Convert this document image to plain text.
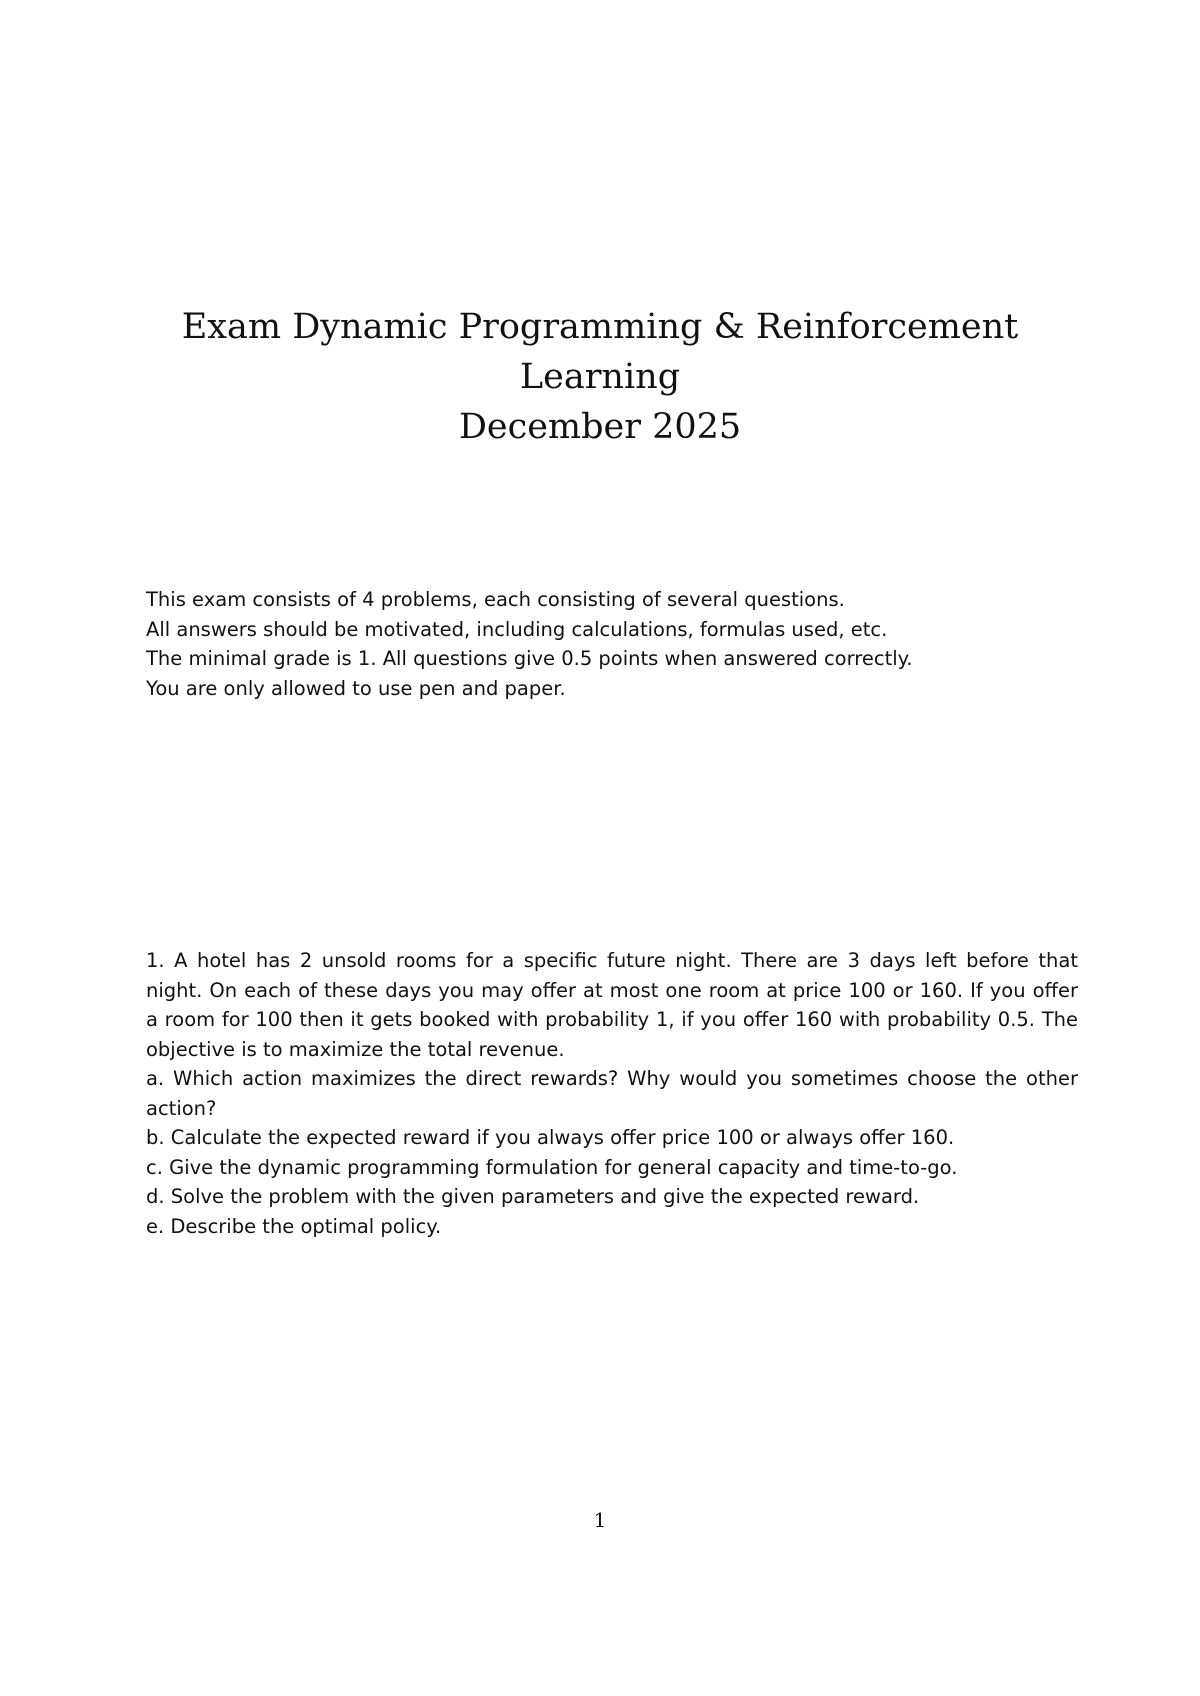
Exam Dynamic Programming & Reinforcement
Learning
December 2025

This exam consists of 4 problems, each consisting of several questions.

All answers should be motivated, including calculations, formulas used, etc.

The minimal grade is 1. All questions give 0.5 points when answered correctly.

You are only allowed to use pen and paper.

1. A hotel has 2 unsold rooms for a specific future night. There are 3 days left before that night. On each of these days you may offer at most one room at price 100 or 160. If you offer a room for 100 then it gets booked with probability 1, if you offer 160 with probability 0.5. The objective is to maximize the total revenue.

a. Which action maximizes the direct rewards? Why would you sometimes choose the other action?

b. Calculate the expected reward if you always offer price 100 or always offer 160.

c. Give the dynamic programming formulation for general capacity and time-to-go.

d. Solve the problem with the given parameters and give the expected reward.

e. Describe the optimal policy.

1
